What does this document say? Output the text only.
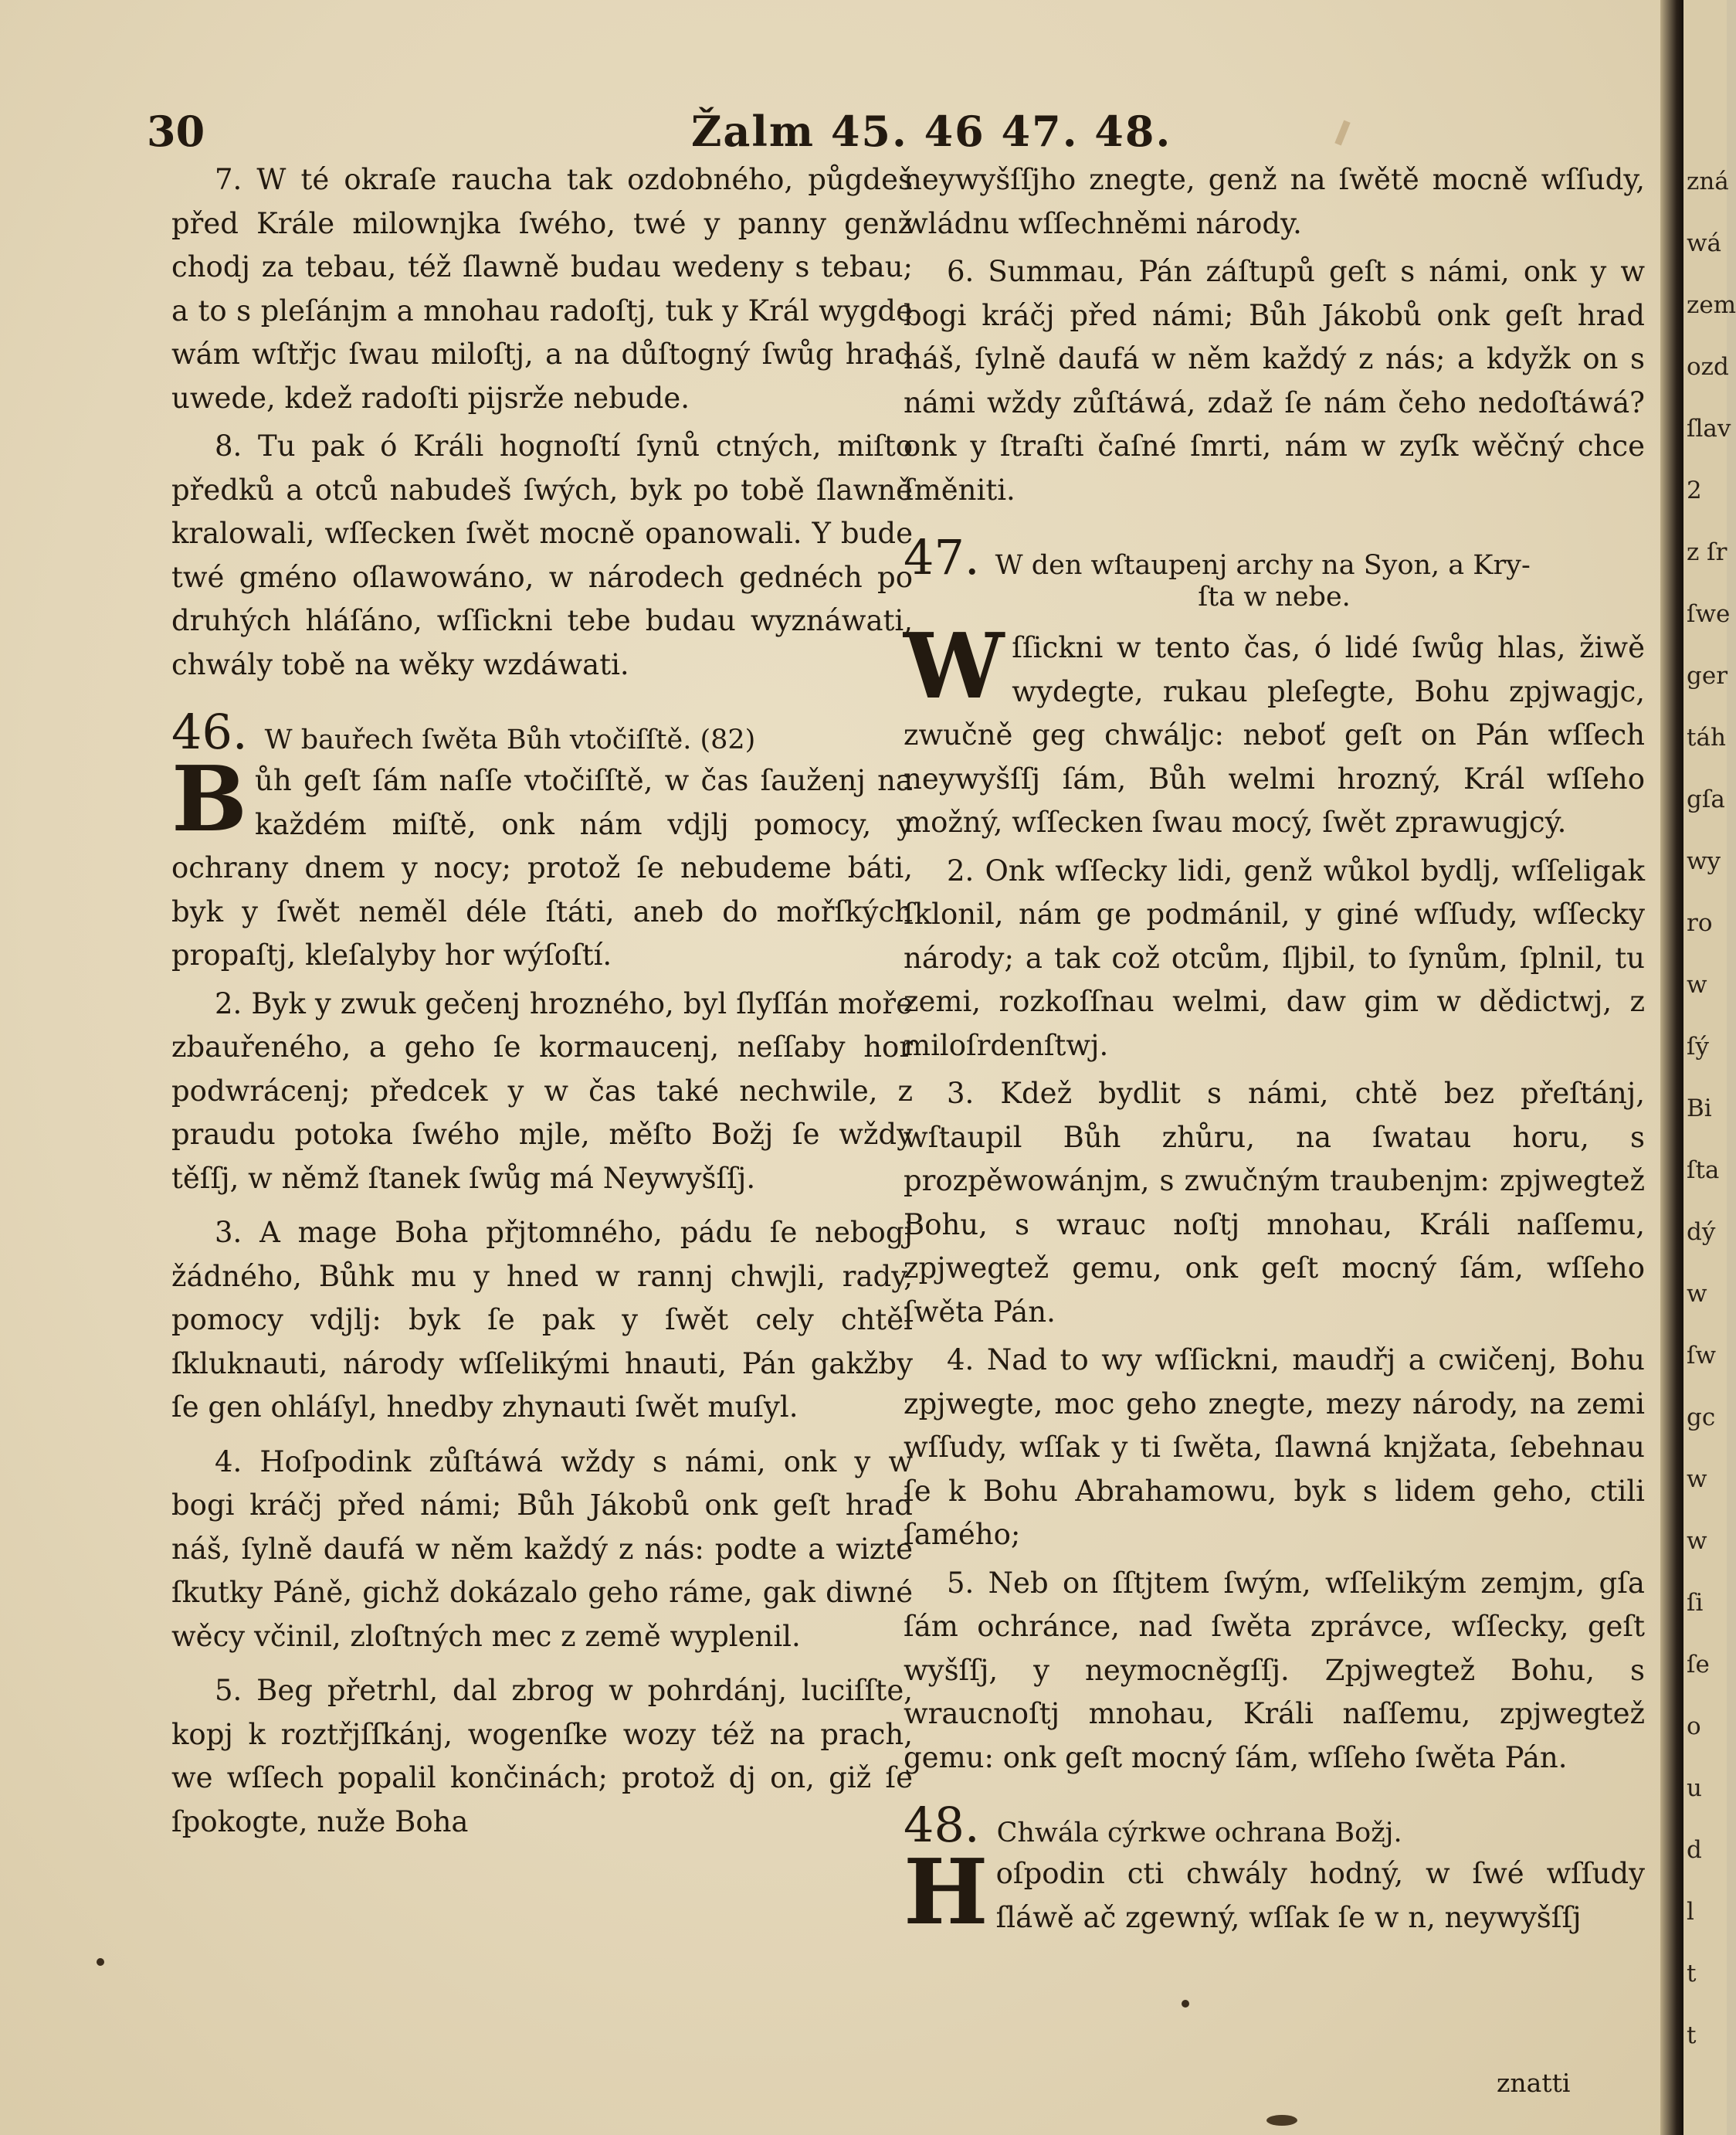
30	Žalm 45. 46 47. 48.

7. W té okraſe raucha tak ozdobného, půgdeš před Krále milownjka ſwého, twé y panny genž chodj za tebau, též ſlawně budau wedeny s tebau; a to s pleſánjm a mnohau radoſtj, tuk y Král wygde wám wſtřjc ſwau miloſtj, a na důſtogný ſwůg hrad uwede, kdež radoſti pijsrže nebude.

8. Tu pak ó Králi hognoſtí ſynů ctných, miſto předků a otců nabudeš ſwých, byk po tobě ſlawně kralowali, wſſecken ſwět mocně opanowali. Y bude twé gméno oſlawowáno, w národech gednéch po druhých hláſáno, wſſickni tebe budau wyznáwati, chwály tobě na wěky wzdáwati.

46. W bauřech ſwěta Bůh vtočiſſtě. (82)

Bůh geſt ſám naſſe vtočiſſtě, w čas ſauženj na každém miſtě, onk nám vdjlj pomocy, y ochrany dnem y nocy; protož ſe nebudeme báti, byk y ſwět neměl déle ſtáti, aneb do mořſkých propaſtj, kleſalyby hor wýſoſtí.

2. Byk y zwuk gečenj hrozného, byl ſlyſſán moře zbauřeného, a geho ſe kormaucenj, neſſaby hor podwrácenj; předcek y w čas také nechwile, z praudu potoka ſwého mjle, měſto Božj ſe wždy těſſj, w němž ſtanek ſwůg má Neywyšſſj.

3. A mage Boha přjtomného, pádu ſe nebogj žádného, Bůhk mu y hned w rannj chwjli, rady, pomocy vdjlj: byk ſe pak y ſwět cely chtěl ſkluknauti, národy wſſelikými hnauti, Pán gakžby ſe gen ohláſyl, hnedby zhynauti ſwět muſyl.

4. Hoſpodink zůſtáwá wždy s námi, onk y w bogi kráčj před námi; Bůh Jákobů onk geſt hrad náš, ſylně daufá w něm každý z nás: podte a wizte ſkutky Páně, gichž dokázalo geho ráme, gak diwné wěcy včinil, zloſtných mec z země wyplenil.

5. Beg přetrhl, dal zbrog w pohrdánj, luciſſte, kopj k roztřjſſkánj, wogenſke wozy též na prach, we wſſech popalil končinách; protož dj on, giž ſe ſpokogte, nuže Boha

neywyšſſjho znegte, genž na ſwětě mocně wſſudy, wládnu wſſechněmi národy.

6. Summau, Pán záſtupů geſt s námi, onk y w bogi kráčj před námi; Bůh Jákobů onk geſt hrad náš, ſylně daufá w něm každý z nás; a kdyžk on s námi wždy zůſtáwá, zdaž ſe nám čeho nedoſtáwá? onk y ſtraſti čaſné ſmrti, nám w zyſk wěčný chce ſměniti.

47. W den wſtaupenj archy na Syon, a Kry‑
ſta w nebe.

Wſſickni w tento čas, ó lidé ſwůg hlas, žiwě wydegte, rukau pleſegte, Bohu zpjwagjc, zwučně geg chwáljc: neboť geſt on Pán wſſech neywyšſſj ſám, Bůh welmi hrozný, Král wſſeho možný, wſſecken ſwau mocý, ſwět zprawugjcý.

2. Onk wſſecky lidi, genž wůkol bydlj, wſſeligak ſklonil, nám ge podmánil, y giné wſſudy, wſſecky národy; a tak což otcům, ſljbil, to ſynům, ſplnil, tu zemi, rozkoſſnau welmi, daw gim w dědictwj, z miloſrdenſtwj.

3. Kdež bydlit s námi, chtě bez přeſtánj, wſtaupil Bůh zhůru, na ſwatau horu, s prozpěwowánjm, s zwučným traubenjm: zpjwegtež Bohu, s wrauc noſtj mnohau, Králi naſſemu, zpjwegtež gemu, onk geſt mocný ſám, wſſeho ſwěta Pán.

4. Nad to wy wſſickni, maudřj a cwičenj, Bohu zpjwegte, moc geho znegte, mezy národy, na zemi wſſudy, wſſak y ti ſwěta, ſlawná knjžata, ſebehnau ſe k Bohu Abrahamowu, byk s lidem geho, ctili ſamého;

5. Neb on ſſtjtem ſwým, wſſelikým zemjm, gſa ſám ochránce, nad ſwěta zprávce, wſſecky, geſt wyšſſj, y neymocněgſſj. Zpjwegtež Bohu, s wraucnoſtj mnohau, Králi naſſemu, zpjwegtež gemu: onk geſt mocný ſám, wſſeho ſwěta Pán.

48. Chwála cýrkwe ochrana Božj.

Hoſpodin cti chwály hodný, w ſwé wſſudy ſláwě ač zgewný, wſſak ſe w n, neywyšſſj

znatti
zná
wá
zem
ozd
ſlav
2
z ſr
ſwe
ger
táh
gſa
wy
ro
w
ſý
Bi
ſta
dý
w
ſw
gc
w
w
ſi
ſe
o
u
d
l
t
t
